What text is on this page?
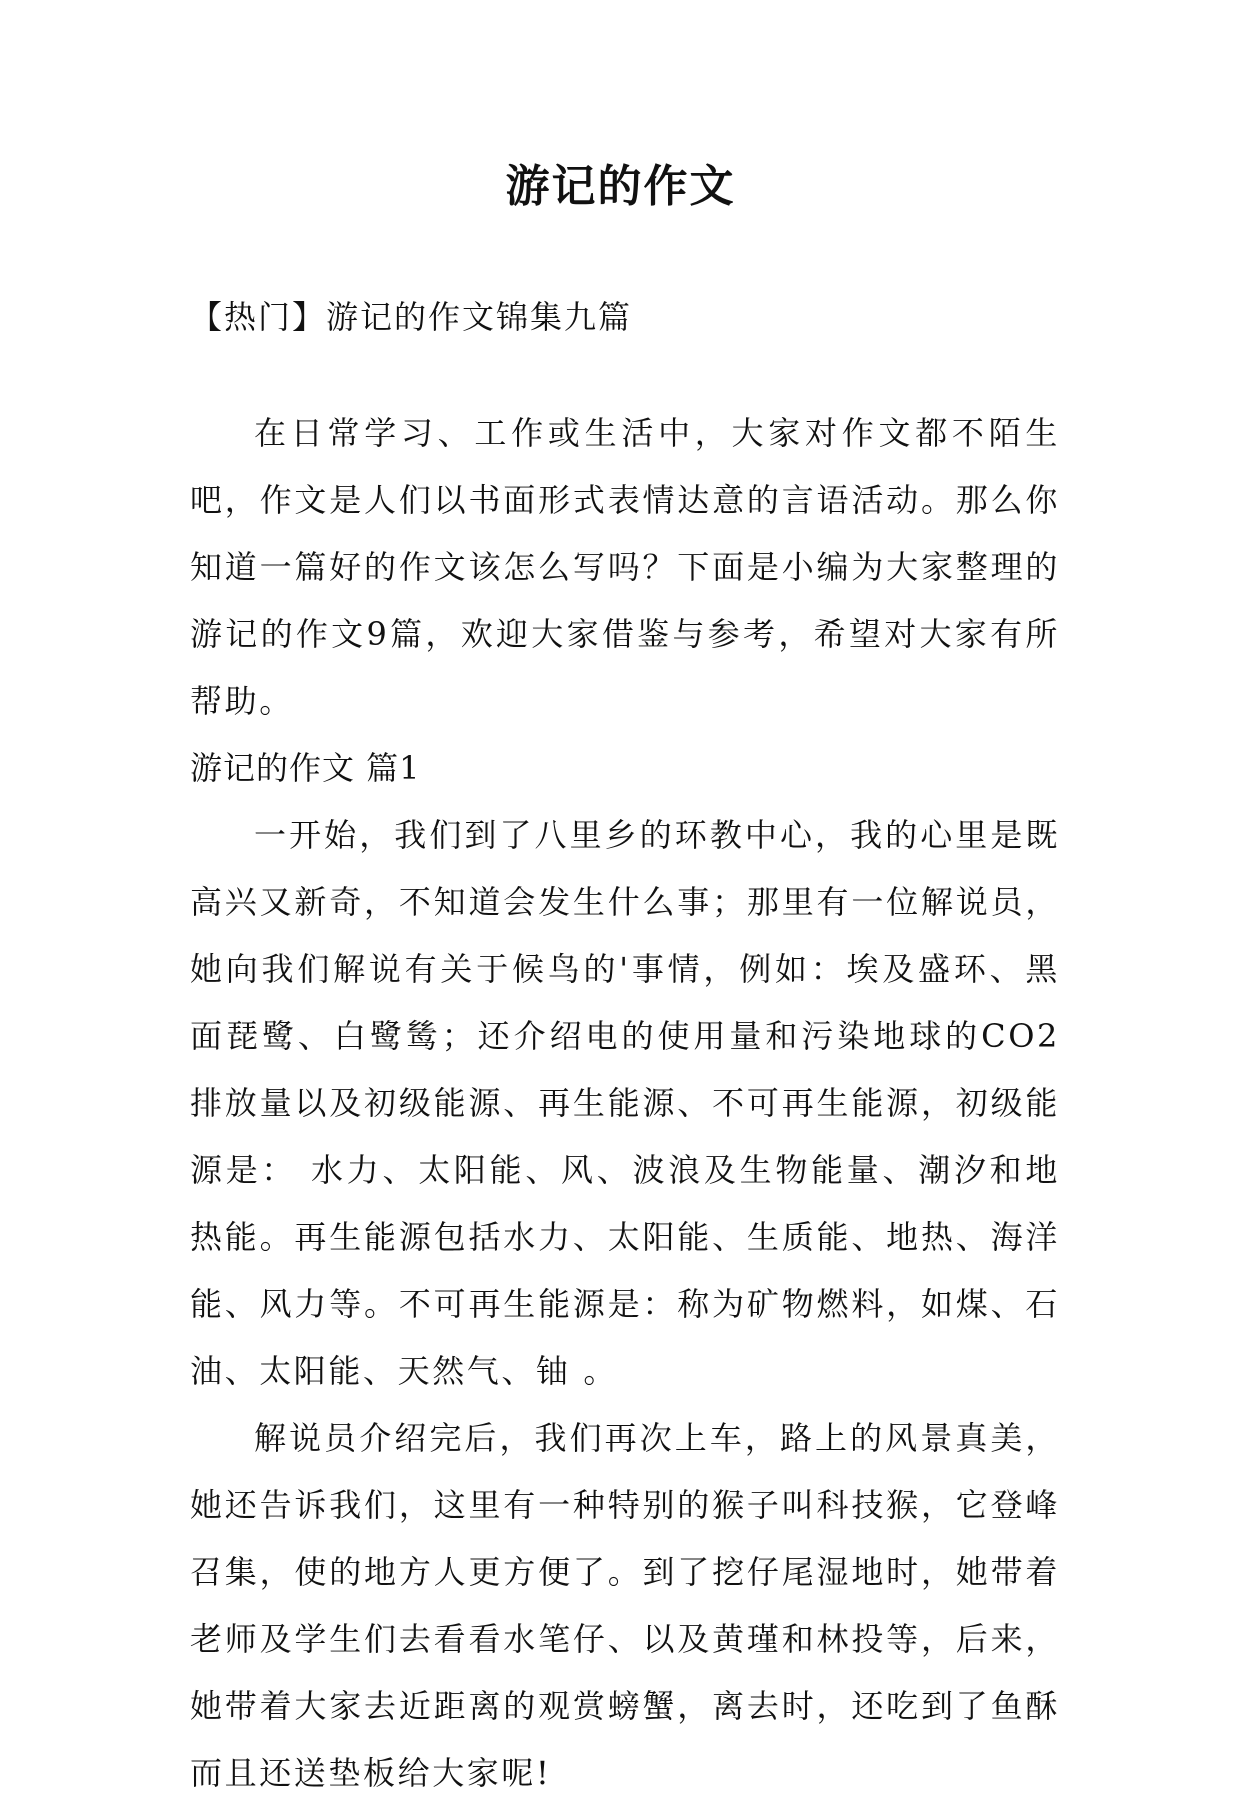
游记的作文
【热门】游记的作文锦集九篇

在日常学习、工作或生活中，大家对作文都不陌生吧，作文是人们以书面形式表情达意的言语活动。那么你知道一篇好的作文该怎么写吗？下面是小编为大家整理的游记的作文9篇，欢迎大家借鉴与参考，希望对大家有所帮助。

游记的作文 篇1

一开始，我们到了八里乡的环教中心，我的心里是既高兴又新奇，不知道会发生什么事；那里有一位解说员，她向我们解说有关于候鸟的'事情，例如：埃及盛环、黑面琵鹭、白鹭鸶；还介绍电的使用量和污染地球的CO2排放量以及初级能源、再生能源、不可再生能源，初级能源是： 水力、太阳能、风、波浪及生物能量、潮汐和地热能。再生能源包括水力、太阳能、生质能、地热、海洋能、风力等。不可再生能源是：称为矿物燃料，如煤、石油、太阳能、天然气、铀 。

解说员介绍完后，我们再次上车，路上的风景真美，她还告诉我们，这里有一种特别的猴子叫科技猴，它登峰召集，使的地方人更方便了。到了挖仔尾湿地时，她带着老师及学生们去看看水笔仔、以及黄瑾和林投等，后来，她带着大家去近距离的观赏螃蟹，离去时，还吃到了鱼酥而且还送垫板给大家呢!
